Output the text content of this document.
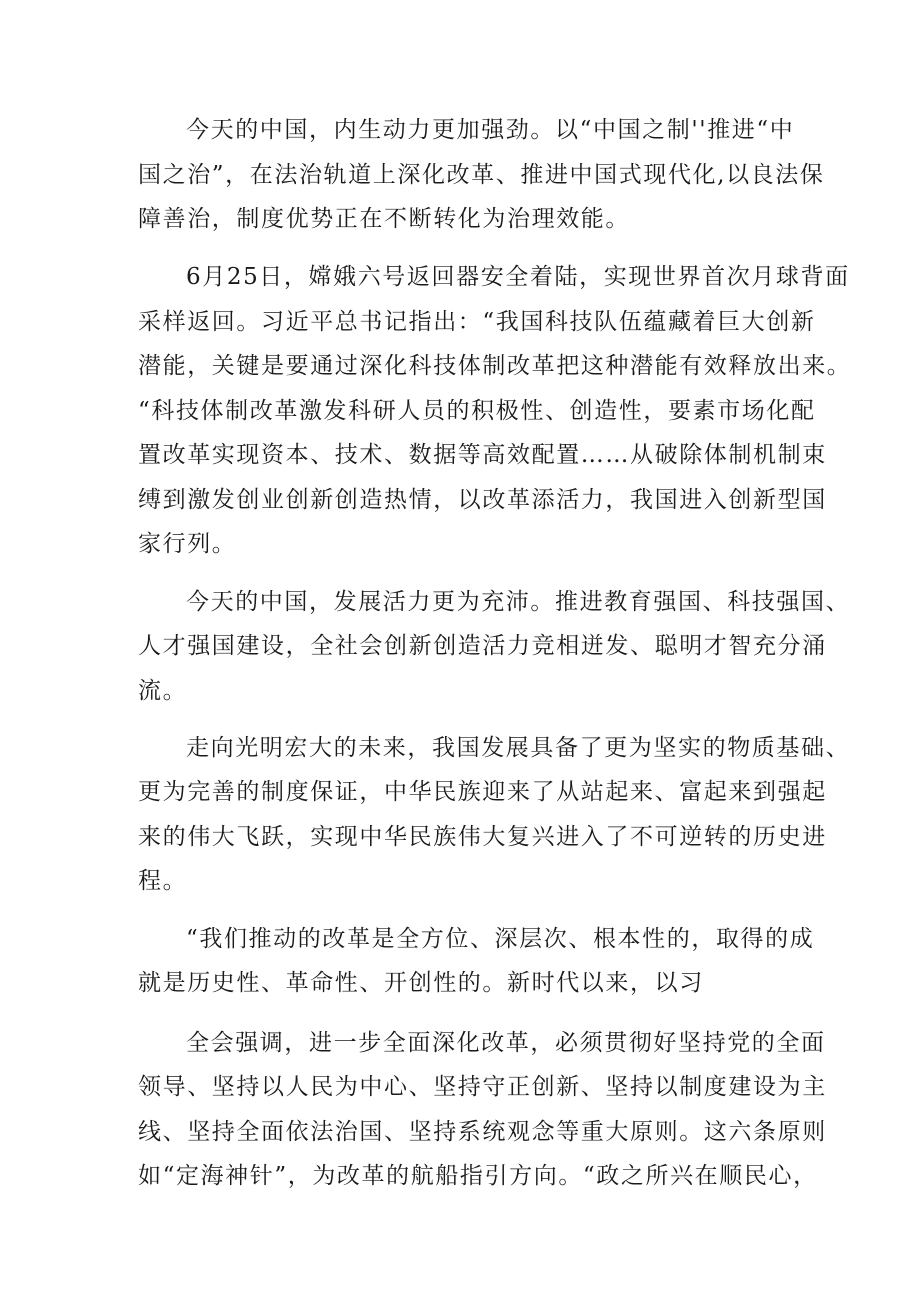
今天的中国，内生动力更加强劲。以“中国之制''推进“中
国之治”，在法治轨道上深化改革、推进中国式现代化,以良法保
障善治，制度优势正在不断转化为治理效能。
6月25日，嫦娥六号返回器安全着陆，实现世界首次月球背面
采样返回。习近平总书记指出：“我国科技队伍蕴藏着巨大创新
潜能，关键是要通过深化科技体制改革把这种潜能有效释放出来。
“科技体制改革激发科研人员的积极性、创造性，要素市场化配
置改革实现资本、技术、数据等高效配置……从破除体制机制束
缚到激发创业创新创造热情，以改革添活力，我国进入创新型国
家行列。
今天的中国，发展活力更为充沛。推进教育强国、科技强国、
人才强国建设，全社会创新创造活力竞相迸发、聪明才智充分涌
流。
走向光明宏大的未来，我国发展具备了更为坚实的物质基础、
更为完善的制度保证，中华民族迎来了从站起来、富起来到强起
来的伟大飞跃，实现中华民族伟大复兴进入了不可逆转的历史进
程。
“我们推动的改革是全方位、深层次、根本性的，取得的成
就是历史性、革命性、开创性的。新时代以来，以习
全会强调，进一步全面深化改革，必须贯彻好坚持党的全面
领导、坚持以人民为中心、坚持守正创新、坚持以制度建设为主
线、坚持全面依法治国、坚持系统观念等重大原则。这六条原则
如“定海神针”，为改革的航船指引方向。“政之所兴在顺民心，
